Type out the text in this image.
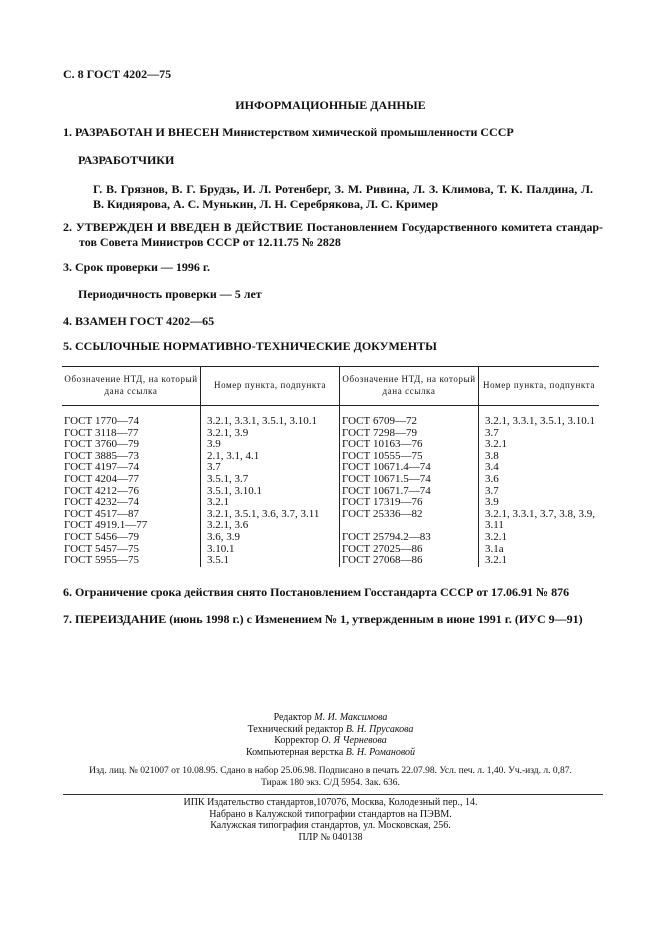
С. 8 ГОСТ 4202—75
ИНФОРМАЦИОННЫЕ ДАННЫЕ
1. РАЗРАБОТАН И ВНЕСЕН Министерством химической промышленности СССР
РАЗРАБОТЧИКИ
Г. В. Грязнов, В. Г. Брудзь, И. Л. Ротенберг, З. М. Ривина, Л. З. Климова, Т. К. Палдина, Л. В. Кидиярова, А. С. Мунькин, Л. Н. Серебрякова, Л. С. Кример
2. УТВЕРЖДЕН И ВВЕДЕН В ДЕЙСТВИЕ Постановлением Государственного комитета стандар-
тов Совета Министров СССР от 12.11.75 № 2828
3. Срок проверки — 1996 г.
Периодичность проверки — 5 лет
4. ВЗАМЕН ГОСТ 4202—65
5. ССЫЛОЧНЫЕ НОРМАТИВНО-ТЕХНИЧЕСКИЕ ДОКУМЕНТЫ
Обозначение НТД, на который дана ссылка	Номер пункта, подпункта	Обозначение НТД, на который дана ссылка	Номер пункта, подпункта
ГОСТ 1770—74	3.2.1, 3.3.1, 3.5.1, 3.10.1	ГОСТ 6709—72	3.2.1, 3.3.1, 3.5.1, 3.10.1
ГОСТ 3118—77	3.2.1, 3.9	ГОСТ 7298—79	3.7
ГОСТ 3760—79	3.9	ГОСТ 10163—76	3.2.1
ГОСТ 3885—73	2.1, 3.1, 4.1	ГОСТ 10555—75	3.8
ГОСТ 4197—74	3.7	ГОСТ 10671.4—74	3.4
ГОСТ 4204—77	3.5.1, 3.7	ГОСТ 10671.5—74	3.6
ГОСТ 4212—76	3.5.1, 3.10.1	ГОСТ 10671.7—74	3.7
ГОСТ 4232—74	3.2.1	ГОСТ 17319—76	3.9
ГОСТ 4517—87	3.2.1, 3.5.1, 3.6, 3.7, 3.11	ГОСТ 25336—82	3.2.1, 3.3.1, 3.7, 3.8, 3.9,
ГОСТ 4919.1—77	3.2.1, 3.6		3.11
ГОСТ 5456—79	3.6, 3.9	ГОСТ 25794.2—83	3.2.1
ГОСТ 5457—75	3.10.1	ГОСТ 27025—86	3.1а
ГОСТ 5955—75	3.5.1	ГОСТ 27068—86	3.2.1
6. Ограничение срока действия снято Постановлением Госстандарта СССР от 17.06.91 № 876
7. ПЕРЕИЗДАНИЕ (июнь 1998 г.) с Изменением № 1, утвержденным в июне 1991 г. (ИУС 9—91)
Редактор М. И. Максимова
Технический редактор В. Н. Прусакова
Корректор О. Я Черневова
Компьютерная верстка В. Н. Романовой
Изд. лиц. № 021007 от 10.08.95. Сдано в набор 25.06.98. Подписано в печать 22.07.98. Усл. печ. л. 1,40. Уч.-изд. л. 0,87.
Тираж 180 экз. С/Д 5954. Зак. 636.
ИПК Издательство стандартов,107076, Москва, Колодезный пер., 14.
Набрано в Калужской типографии стандартов на ПЭВМ.
Калужская типография стандартов, ул. Московская, 256.
ПЛР № 040138
